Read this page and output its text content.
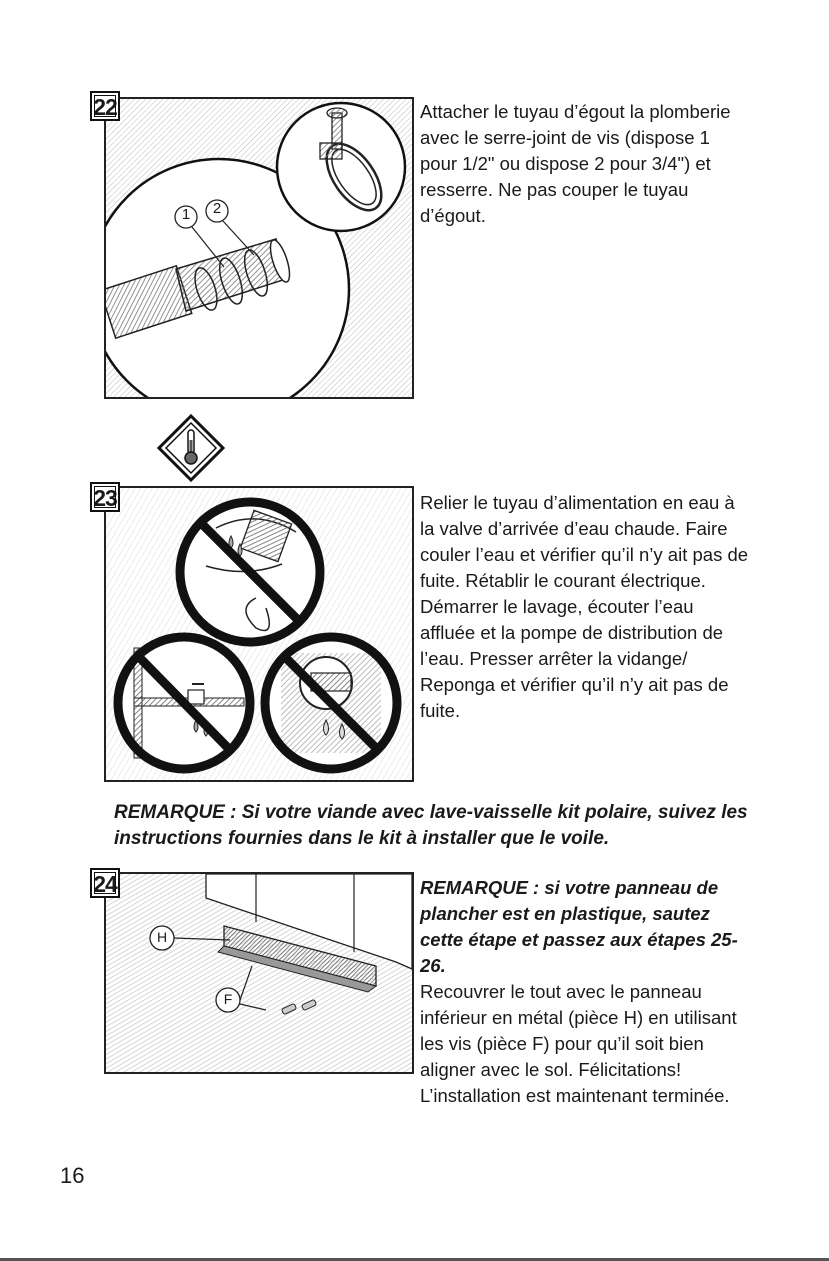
1 2
22	Attacher le tuyau d’égout la plomberie avec le serre-joint de vis (dispose 1 pour 1/2" ou dispose 2 pour 3/4") et resserre. Ne pas couper le tuyau d’égout.

23	Relier le tuyau d’alimentation en eau à la valve d’arrivée d’eau chaude. Faire couler l’eau et vérifier qu’il n’y ait pas de fuite. Rétablir le courant électrique. Démarrer le lavage, écouter l’eau affluée et la pompe de distribution de l’eau. Presser arrêter la vidange/ Reponga et vérifier qu’il n’y ait pas de fuite.

REMARQUE : Si votre viande avec lave-vaisselle kit polaire, suivez les instructions fournies dans le kit à installer que le voile.
H
F
24	REMARQUE : si votre panneau de plancher est en plastique, sautez cette étape et passez aux étapes 25-26.

Recouvrer le tout avec le panneau inférieur en métal (pièce H) en utilisant les vis (pièce F) pour qu’il soit bien aligner avec le sol. Félicitations! L’installation est maintenant terminée.

16
